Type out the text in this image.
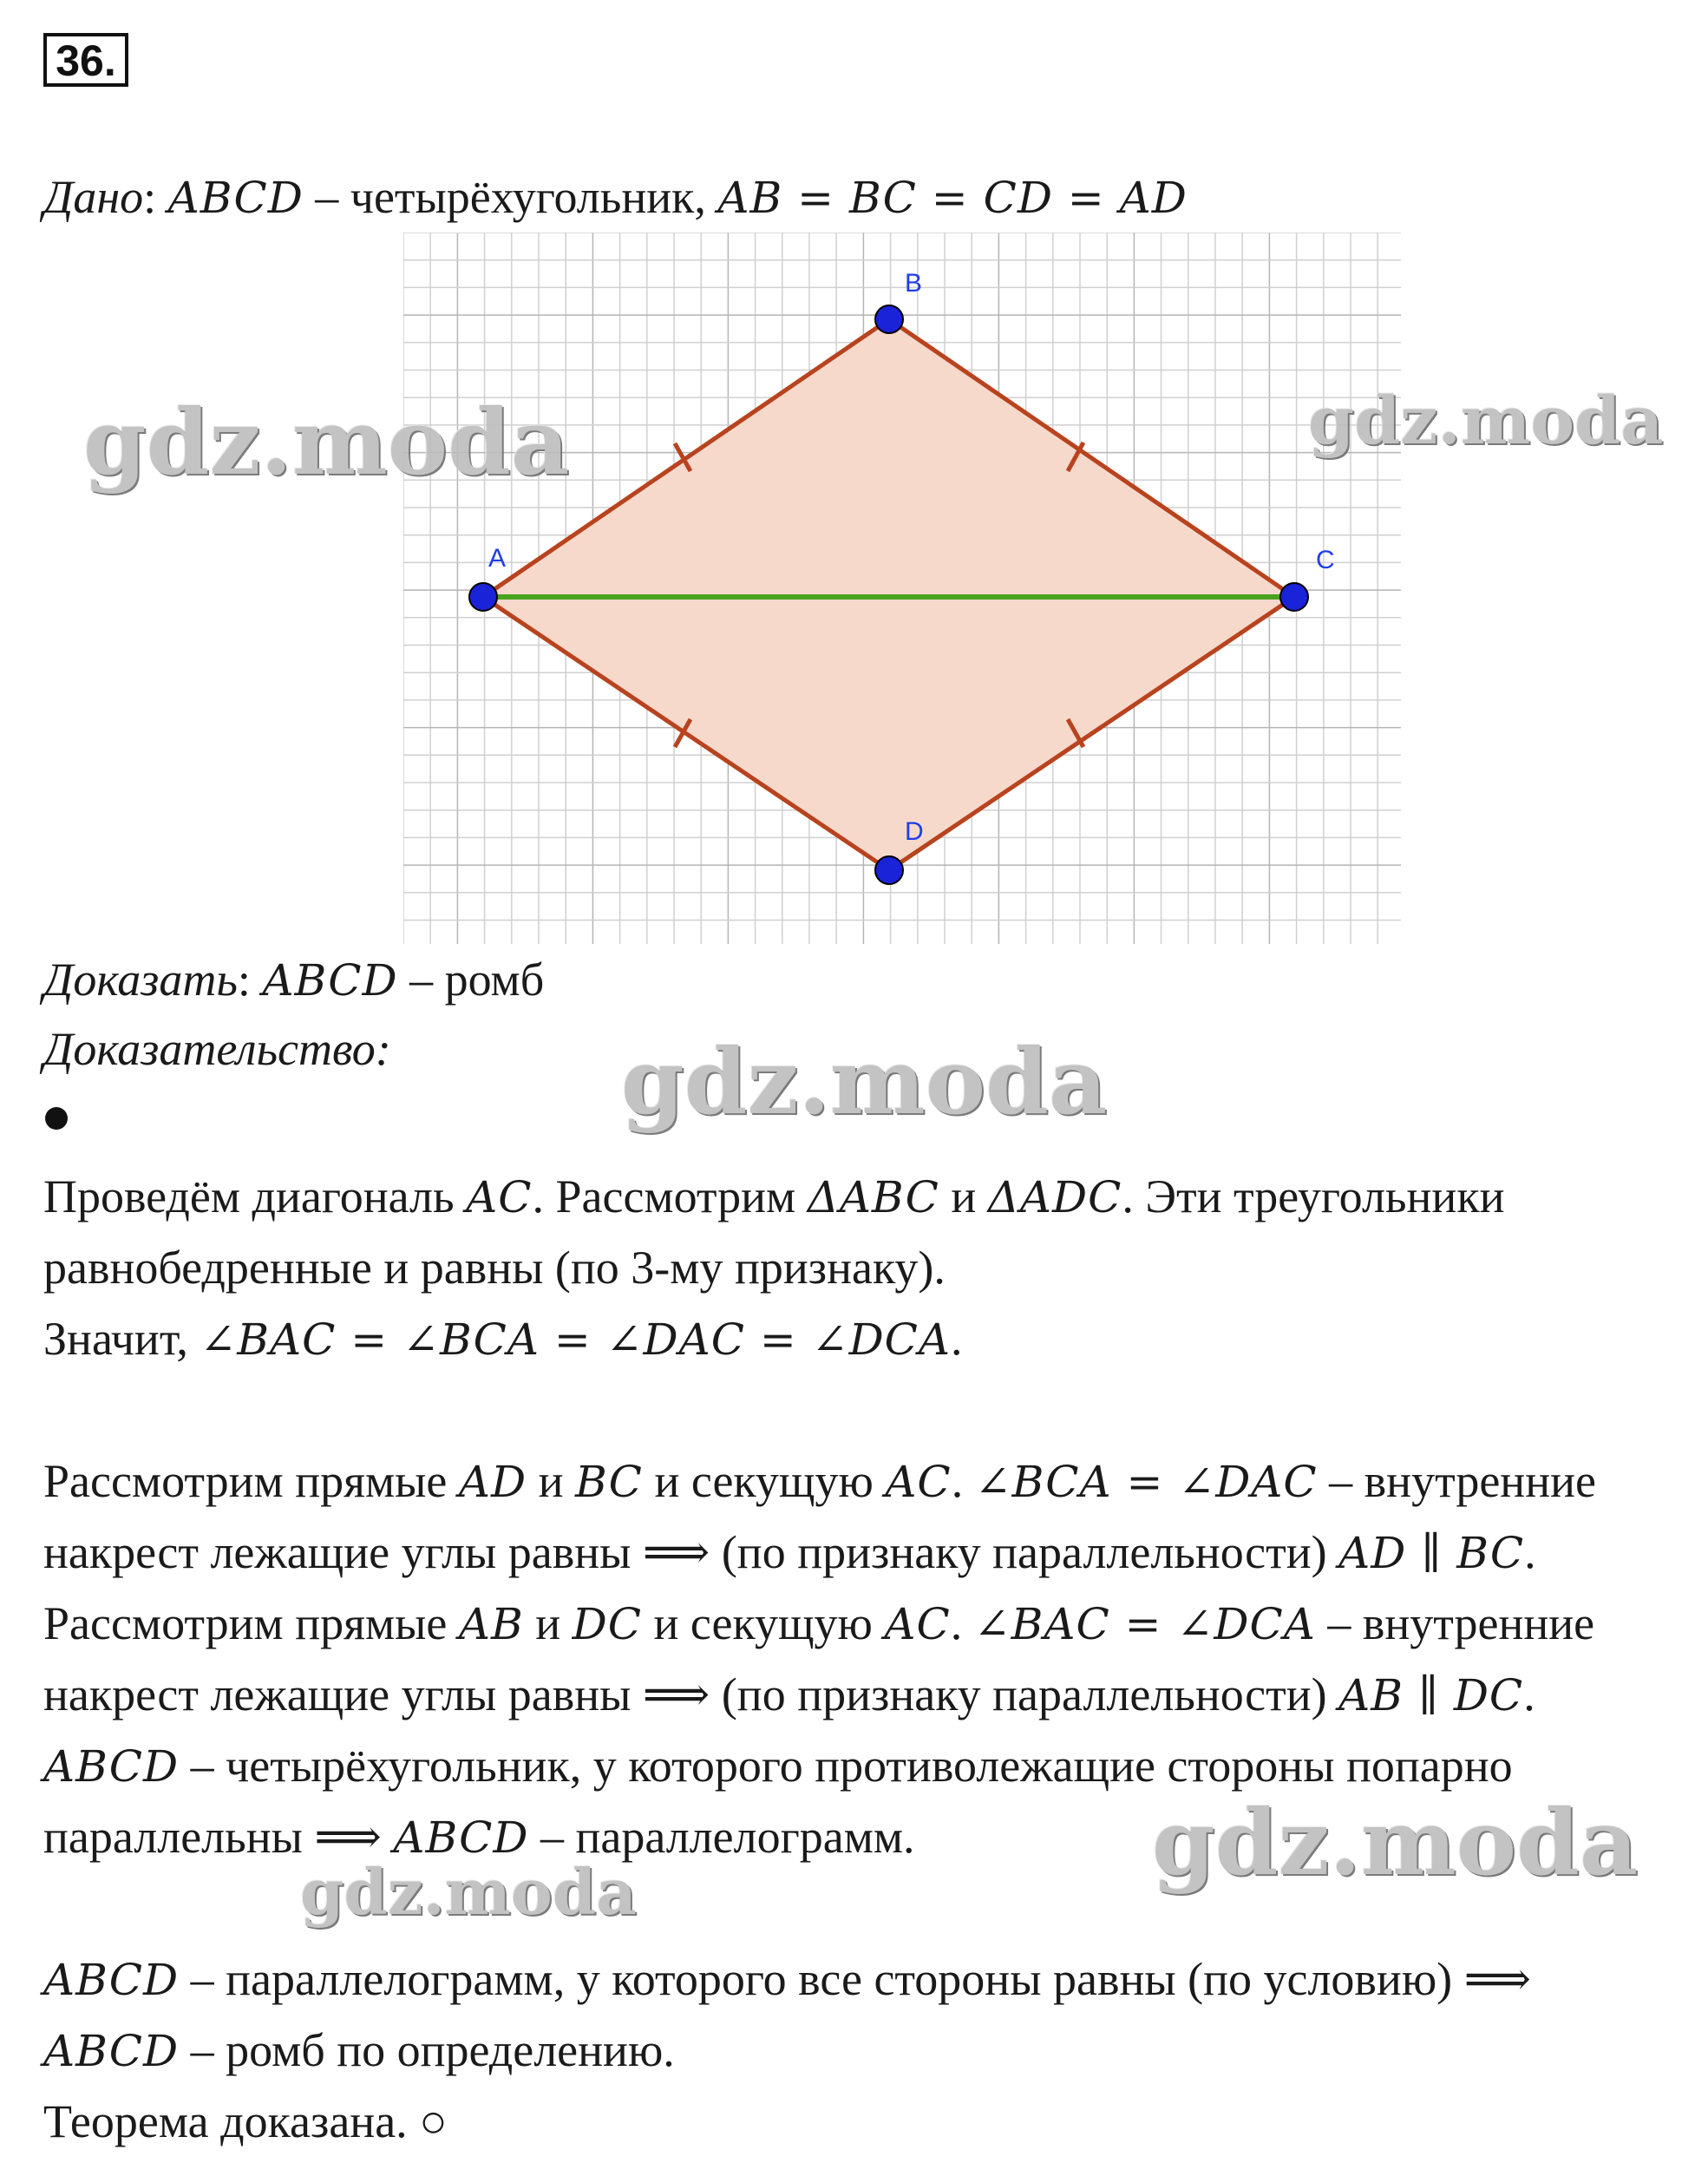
36.
Дано: ABCD – четырёхугольник, AB = BC = CD = AD
A
B
C
D
Доказать: ABCD – ромб
Доказательство:
Проведём диагональ AC. Рассмотрим ΔABC и ΔADC. Эти треугольники
равнобедренные и равны (по 3-му признаку).
Значит, ∠BAC = ∠BCA = ∠DAC = ∠DCA.
Рассмотрим прямые AD и BC и секущую AC. ∠BCA = ∠DAC – внутренние
накрест лежащие углы равны ⟹ (по признаку параллельности) AD ∥ BC.
Рассмотрим прямые AB и DC и секущую AC. ∠BAC = ∠DCA – внутренние
накрест лежащие углы равны ⟹ (по признаку параллельности) AB ∥ DC.
ABCD – четырёхугольник, у которого противолежащие стороны попарно
параллельны ⟹ ABCD – параллелограмм.
ABCD – параллелограмм, у которого все стороны равны (по условию) ⟹
ABCD – ромб по определению.
Теорема доказана. ○
gdz.moda	gdz.moda
gdz.moda
gdz.moda
gdz.moda
